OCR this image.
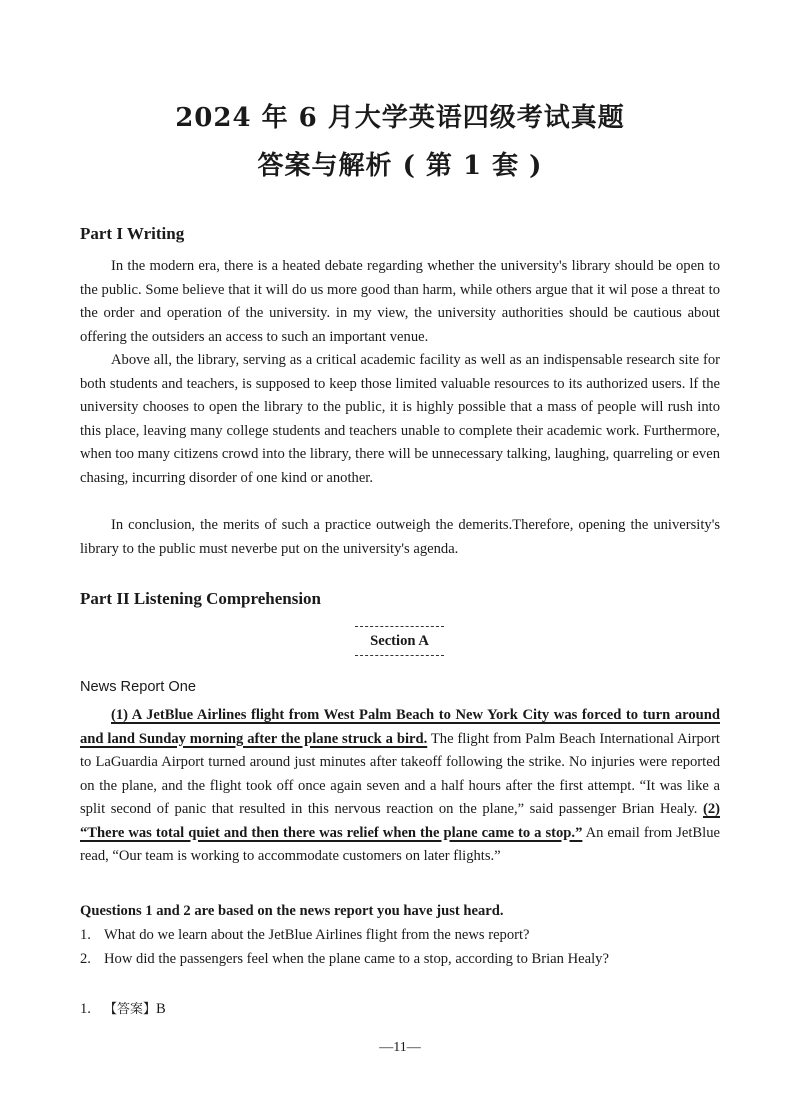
2024 年 6 月大学英语四级考试真题
答案与解析 ( 第 1 套 )
Part I Writing

In the modern era, there is a heated debate regarding whether the university's library should be open to the public. Some believe that it will do us more good than harm, while others argue that it wil pose a threat to the order and operation of the university. in my view, the university authorities should be cautious about offering the outsiders an access to such an important venue.

Above all, the library, serving as a critical academic facility as well as an indispensable research site for both students and teachers, is supposed to keep those limited valuable resources to its authorized users. lf the university chooses to open the library to the public, it is highly possible that a mass of people will rush into this place, leaving many college students and teachers unable to complete their academic work. Furthermore, when too many citizens crowd into the library, there will be unnecessary talking, laughing, quarreling or even chasing, incurring disorder of one kind or another.

In conclusion, the merits of such a practice outweigh the demerits.Therefore, opening the university's library to the public must neverbe put on the university's agenda.

Part II Listening Comprehension
Section A
News Report One

(1) A JetBlue Airlines flight from West Palm Beach to New York City was forced to turn around and land Sunday morning after the plane struck a bird. The flight from Palm Beach International Airport to LaGuardia Airport turned around just minutes after takeoff following the strike. No injuries were reported on the plane, and the flight took off once again seven and a half hours after the first attempt. “It was like a split second of panic that resulted in this nervous reaction on the plane,” said passenger Brian Healy. (2) “There was total quiet and then there was relief when the plane came to a stop.” An email from JetBlue read, “Our team is working to accommodate customers on later flights.”

Questions 1 and 2 are based on the news report you have just heard.
1. What do we learn about the JetBlue Airlines flight from the news report?
2. How did the passengers feel when the plane came to a stop, according to Brian Healy?
1. 【答案】B
—11—
